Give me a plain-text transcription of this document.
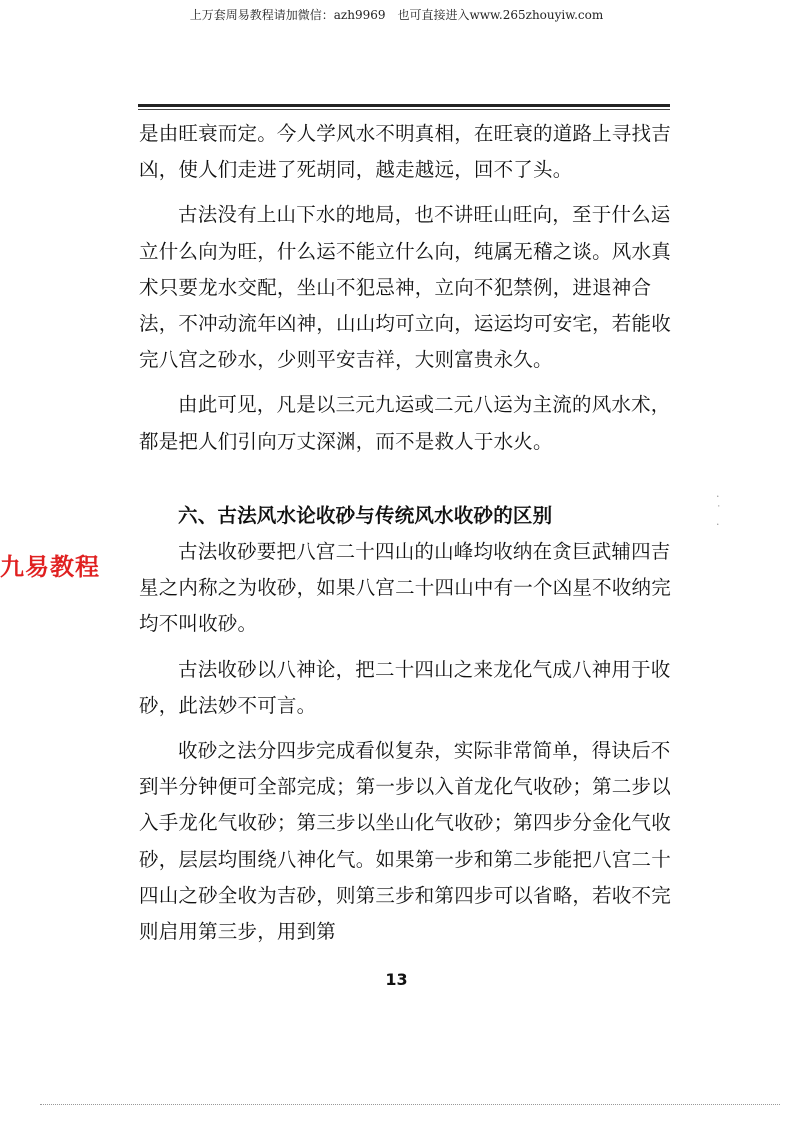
上万套周易教程请加微信：azh9969　也可直接进入www.265zhouyiw.com

是由旺衰而定。今人学风水不明真相，在旺衰的道路上寻找吉凶，使人们走进了死胡同，越走越远，回不了头。

古法没有上山下水的地局，也不讲旺山旺向，至于什么运立什么向为旺，什么运不能立什么向，纯属无稽之谈。风水真术只要龙水交配，坐山不犯忌神，立向不犯禁例，进退神合法，不冲动流年凶神，山山均可立向，运运均可安宅，若能收完八宫之砂水，少则平安吉祥，大则富贵永久。

由此可见，凡是以三元九运或二元八运为主流的风水术，都是把人们引向万丈深渊，而不是救人于水火。

六、古法风水论收砂与传统风水收砂的区别

古法收砂要把八宫二十四山的山峰均收纳在贪巨武辅四吉星之内称之为收砂，如果八宫二十四山中有一个凶星不收纳完均不叫收砂。

古法收砂以八神论，把二十四山之来龙化气成八神用于收砂，此法妙不可言。

收砂之法分四步完成看似复杂，实际非常简单，得诀后不到半分钟便可全部完成；第一步以入首龙化气收砂；第二步以入手龙化气收砂；第三步以坐山化气收砂；第四步分金化气收砂，层层均围绕八神化气。如果第一步和第二步能把八宫二十四山之砂全收为吉砂，则第三步和第四步可以省略，若收不完则启用第三步，用到第

九易教程
·
˙
·
13
